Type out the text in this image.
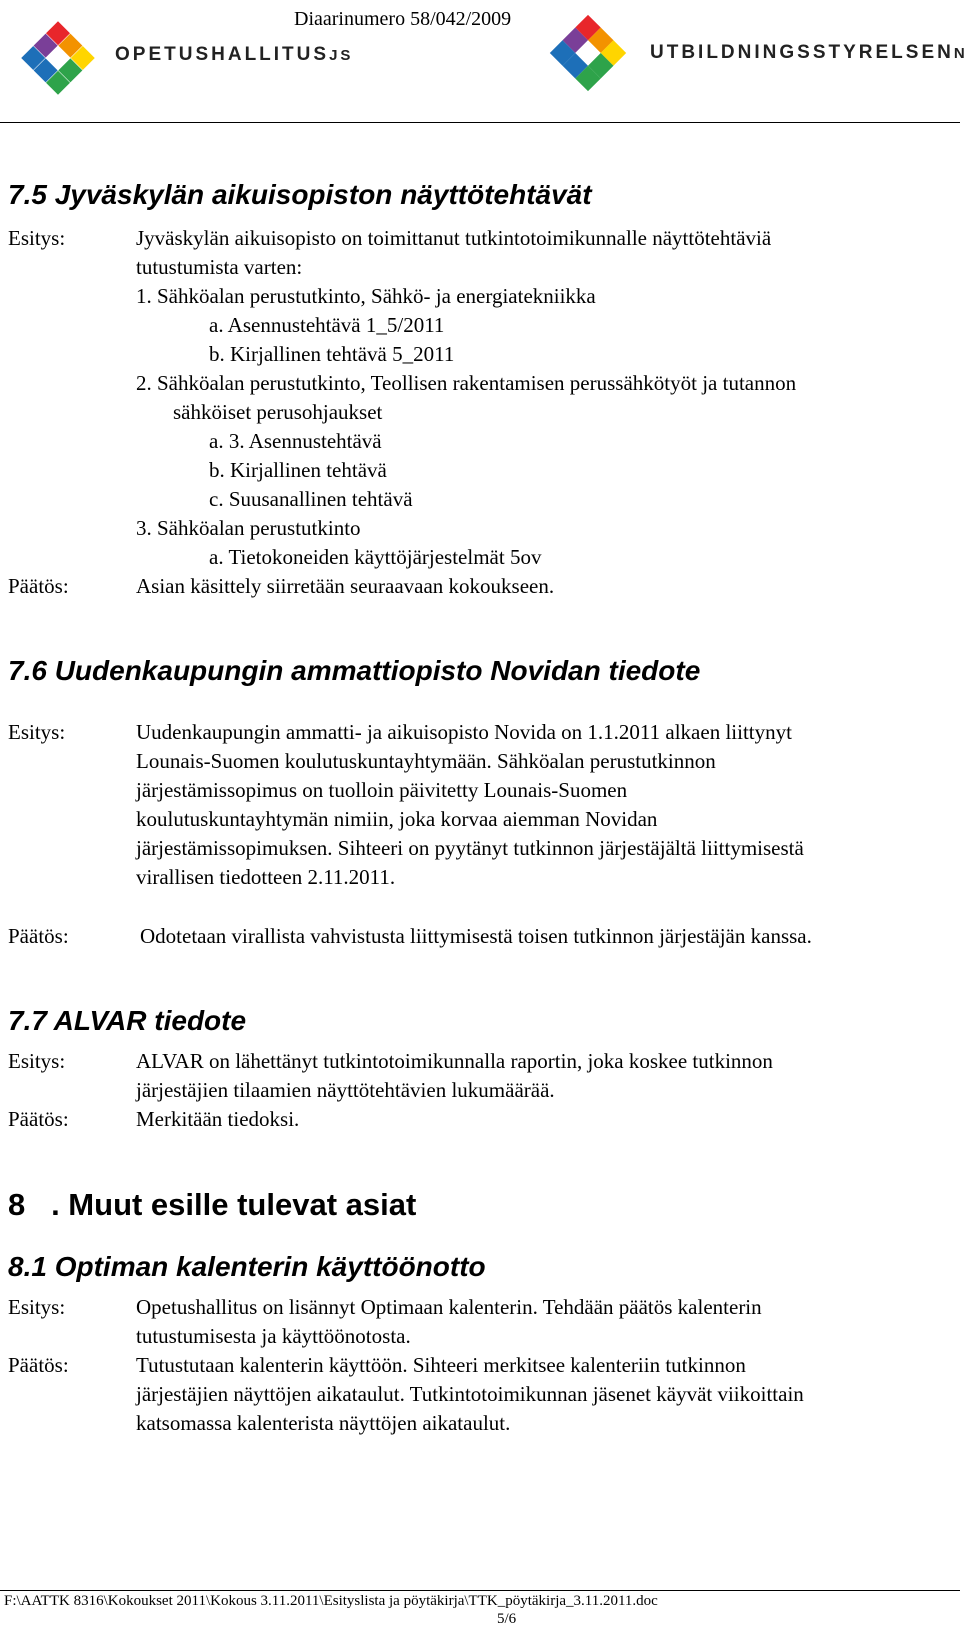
OPETUSHALLITUSJS
Diaarinumero 58/042/2009
UTBILDNINGSSTYRELSENN
7.5 Jyväskylän aikuisopiston näyttötehtävät
Esitys:	Jyväskylän aikuisopisto on toimittanut tutkintotoimikunnalle näyttötehtäviä
tutustumista varten:
1. Sähköalan perustutkinto, Sähkö- ja energiatekniikka
a. Asennustehtävä 1_5/2011
b. Kirjallinen tehtävä 5_2011
2. Sähköalan perustutkinto, Teollisen rakentamisen perussähkötyöt ja tutannon
sähköiset perusohjaukset
a. 3. Asennustehtävä
b. Kirjallinen tehtävä
c. Suusanallinen tehtävä
3. Sähköalan perustutkinto
a. Tietokoneiden käyttöjärjestelmät 5ov
Päätös:	Asian käsittely siirretään seuraavaan kokoukseen.
7.6 Uudenkaupungin ammattiopisto Novidan tiedote
Esitys:	Uudenkaupungin ammatti- ja aikuisopisto Novida on 1.1.2011 alkaen liittynyt
Lounais-Suomen koulutuskuntayhtymään. Sähköalan perustutkinnon
järjestämissopimus on tuolloin päivitetty Lounais-Suomen
koulutuskuntayhtymän nimiin, joka korvaa aiemman Novidan
järjestämissopimuksen. Sihteeri on pyytänyt tutkinnon järjestäjältä liittymisestä
virallisen tiedotteen 2.11.2011.
Päätös:	Odotetaan virallista vahvistusta liittymisestä toisen tutkinnon järjestäjän kanssa.
7.7 ALVAR tiedote
Esitys:	ALVAR on lähettänyt tutkintotoimikunnalla raportin, joka koskee tutkinnon
järjestäjien tilaamien näyttötehtävien lukumäärää.
Päätös:	Merkitään tiedoksi.
8   . Muut esille tulevat asiat
8.1 Optiman kalenterin käyttöönotto
Esitys:	Opetushallitus on lisännyt Optimaan kalenterin. Tehdään päätös kalenterin
tutustumisesta ja käyttöönotosta.
Päätös:	Tutustutaan kalenterin käyttöön. Sihteeri merkitsee kalenteriin tutkinnon
järjestäjien näyttöjen aikataulut. Tutkintotoimikunnan jäsenet käyvät viikoittain
katsomassa kalenterista näyttöjen aikataulut.
F:\AATTK 8316\Kokoukset 2011\Kokous 3.11.2011\Esityslista ja pöytäkirja\TTK_pöytäkirja_3.11.2011.doc
5/6
